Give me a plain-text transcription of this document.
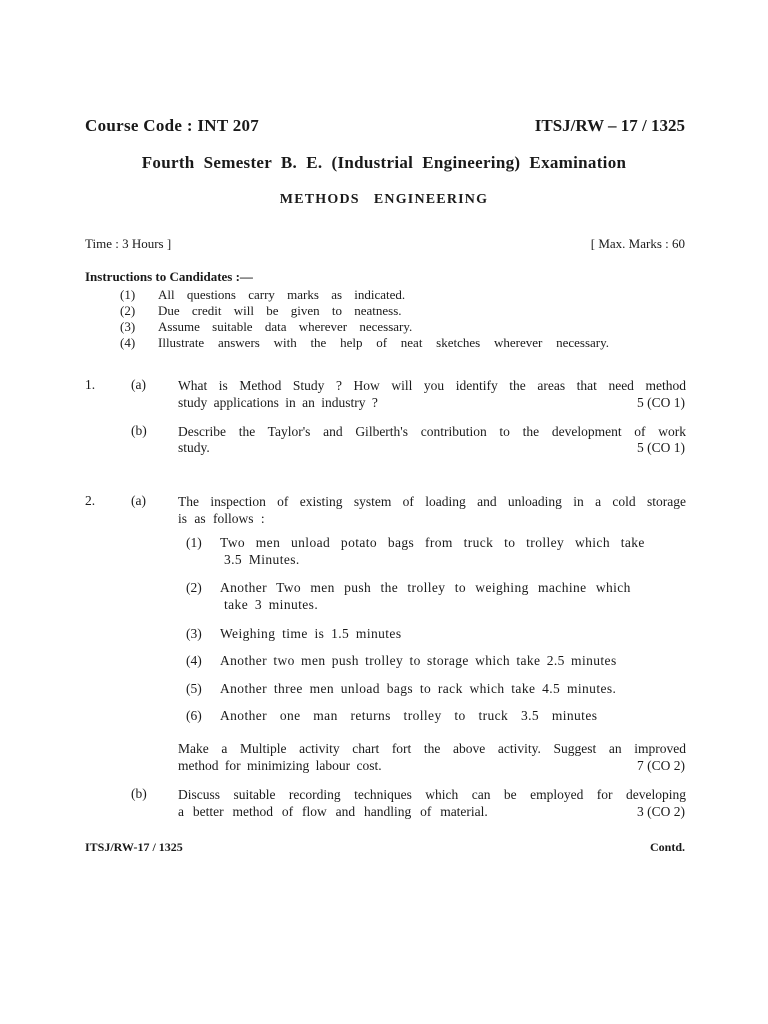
Course Code : INT 207	ITSJ/RW – 17 / 1325
Fourth  Semester  B.  E.  (Industrial  Engineering)  Examination
METHODS   ENGINEERING
Time : 3 Hours ]	[ Max. Marks : 60
Instructions to Candidates :—
(1) All questions carry marks as indicated.
(2) Due credit will be given to neatness.
(3) Assume suitable data wherever necessary.
(4) Illustrate answers with the help of neat sketches wherever necessary.
1.	(a) What is Method Study ? How will you identify the areas that need method
study applications in an industry ?	5 (CO 1)
(b) Describe the Taylor's and Gilberth's contribution to the development of work
study.	5 (CO 1)
2.	(a) The inspection of existing system of loading and unloading in a cold storage
is as follows :
(1) Two men unload potato bags from truck to trolley which take
3.5 Minutes.
(2) Another Two men push the trolley to weighing machine which
take 3 minutes.
(3) Weighing time is 1.5 minutes
(4) Another two men push trolley to storage which take 2.5 minutes
(5) Another three men unload bags to rack which take 4.5 minutes.
(6) Another one man returns trolley to truck 3.5 minutes
Make a Multiple activity chart fort the above activity. Suggest an improved
method for minimizing labour cost.	7 (CO 2)
(b) Discuss suitable recording techniques which can be employed for developing
a better method of flow and handling of material.	3 (CO 2)
ITSJ/RW-17 / 1325	Contd.
